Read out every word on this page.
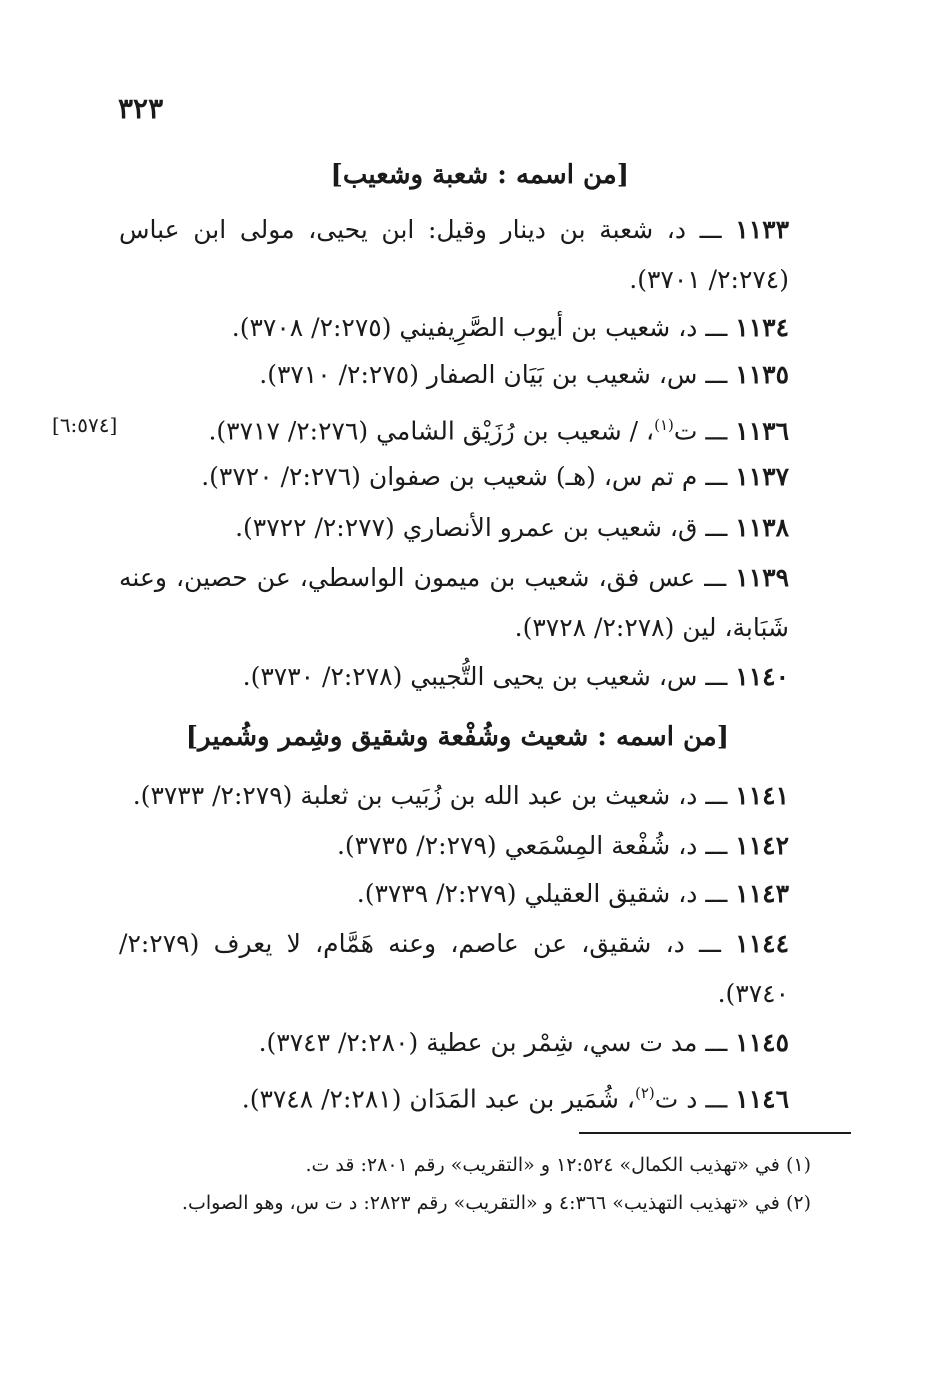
٣٢٣
[من اسمه : شعبة وشعيب]
١١٣٣ ـــ د، شعبة بن دينار وقيل: ابن يحيى، مولى ابن عباس (٢:٢٧٤/ ٣٧٠١).
١١٣٤ ـــ د، شعيب بن أيوب الصَّرِيفيني (٢:٢٧٥/ ٣٧٠٨).
١١٣٥ ـــ س، شعيب بن بَيَان الصفار (٢:٢٧٥/ ٣٧١٠).
١١٣٦ ـــ ت$^{(١)}$، / شعيب بن رُزَيْق الشامي (٢:٢٧٦/ ٣٧١٧).
[٦:٥٧٤]
١١٣٧ ـــ م تم س، (هـ) شعيب بن صفوان (٢:٢٧٦/ ٣٧٢٠).
١١٣٨ ـــ ق، شعيب بن عمرو الأنصاري (٢:٢٧٧/ ٣٧٢٢).
١١٣٩ ـــ عس فق، شعيب بن ميمون الواسطي، عن حصين، وعنه شَبَابة، لين (٢:٢٧٨/ ٣٧٢٨).
١١٤٠ ـــ س، شعيب بن يحيى التُّجيبي (٢:٢٧٨/ ٣٧٣٠).
[من اسمه : شعيث وشُفْعة وشقيق وشِمر وشُمير]
١١٤١ ـــ د، شعيث بن عبد الله بن زُبَيب بن ثعلبة (٢:٢٧٩/ ٣٧٣٣).
١١٤٢ ـــ د، شُفْعة المِسْمَعي (٢:٢٧٩/ ٣٧٣٥).
١١٤٣ ـــ د، شقيق العقيلي (٢:٢٧٩/ ٣٧٣٩).
١١٤٤ ـــ د، شقيق، عن عاصم، وعنه هَمَّام، لا يعرف (٢:٢٧٩/ ٣٧٤٠).
١١٤٥ ـــ مد ت سي، شِمْر بن عطية (٢:٢٨٠/ ٣٧٤٣).
١١٤٦ ـــ د ت$^{(٢)}$، شُمَير بن عبد المَدَان (٢:٢٨١/ ٣٧٤٨).
(١) في «تهذيب الكمال» ١٢:٥٢٤ و «التقريب» رقم ٢٨٠١: قد ت.
(٢) في «تهذيب التهذيب» ٤:٣٦٦ و «التقريب» رقم ٢٨٢٣: د ت س، وهو الصواب.
